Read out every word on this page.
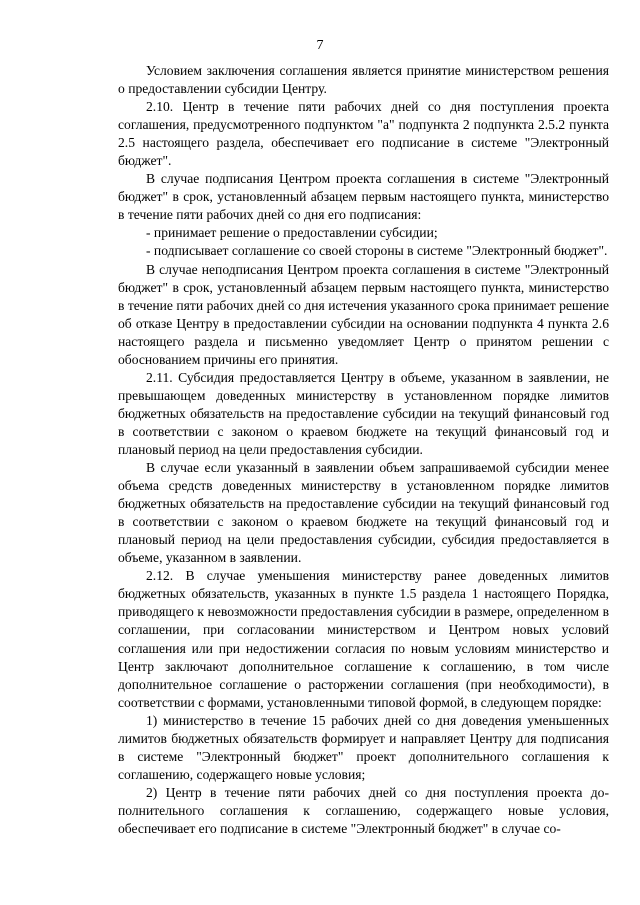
7

Условием заключения соглашения является принятие министерством решения о предоставлении субсидии Центру.

2.10. Центр в течение пяти рабочих дней со дня поступления проекта соглашения, предусмотренного подпунктом "а" подпункта 2 подпункта 2.5.2 пункта 2.5 настоящего раздела, обеспечивает его подписание в системе "Электронный бюджет".

В случае подписания Центром проекта соглашения в системе "Электронный бюджет" в срок, установленный абзацем первым настоящего пункта, министерство в течение пяти рабочих дней со дня его подписания:

- принимает решение о предоставлении субсидии;

- подписывает соглашение со своей стороны в системе "Электронный бюджет".

В случае неподписания Центром проекта соглашения в системе "Электронный бюджет" в срок, установленный абзацем первым настоящего пункта, министерство в течение пяти рабочих дней со дня истечения указанного срока принимает решение об отказе Центру в предоставлении субсидии на основании подпункта 4 пункта 2.6 настоящего раздела и письменно уведомляет Центр о принятом решении с обоснованием причины его принятия.

2.11. Субсидия предоставляется Центру в объеме, указанном в заявлении, не превышающем доведенных министерству в установленном порядке лимитов бюджетных обязательств на предоставление субсидии на текущий финансовый год в соответствии с законом о краевом бюджете на текущий финансовый год и плановый период на цели предоставления субсидии.

В случае если указанный в заявлении объем запрашиваемой субсидии менее объема средств доведенных министерству в установленном порядке лимитов бюджетных обязательств на предоставление субсидии на текущий финансовый год в соответствии с законом о краевом бюджете на текущий финансовый год и плановый период на цели предоставления субсидии, субсидия предоставляется в объеме, указанном в заявлении.

2.12. В случае уменьшения министерству ранее доведенных лимитов бюджетных обязательств, указанных в пункте 1.5 раздела 1 настоящего Порядка, приводящего к невозможности предоставления субсидии в размере, определенном в соглашении, при согласовании министерством и Центром новых условий соглашения или при недостижении согласия по новым условиям министерство и Центр заключают дополнительное соглашение к соглашению, в том числе дополнительное соглашение о расторжении соглашения (при необходимости), в соответствии с формами, установленными типовой формой, в следующем порядке:

1) министерство в течение 15 рабочих дней со дня доведения уменьшенных лимитов бюджетных обязательств формирует и направляет Центру для подписания в системе "Электронный бюджет" проект дополнительного соглашения к соглашению, содержащего новые условия;

2) Центр в течение пяти рабочих дней со дня поступления проекта дополнительного соглашения к соглашению, содержащего новые условия, обеспечивает его подписание в системе "Электронный бюджет" в случае со-
